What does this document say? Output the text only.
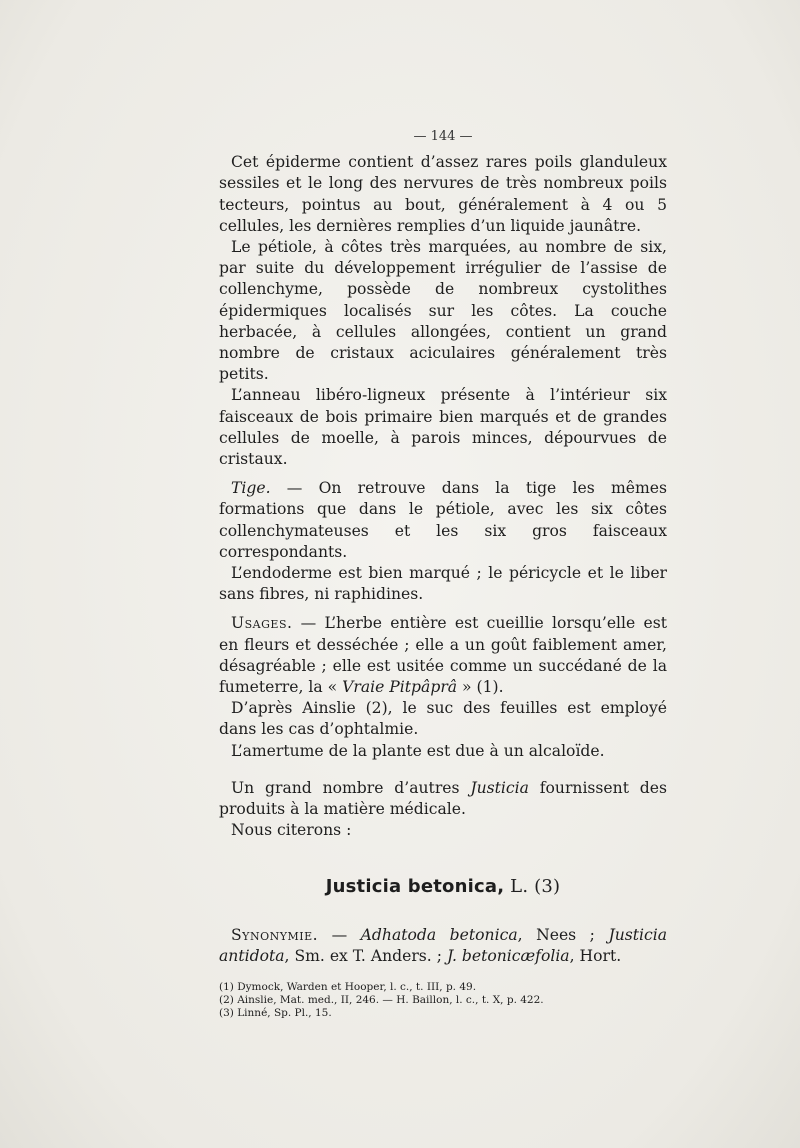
— 144 —

Cet épiderme contient d’assez rares poils glanduleux sessiles et le long des nervures de très nombreux poils tecteurs, pointus au bout, généralement à 4 ou 5 cellules, les dernières remplies d’un liquide jaunâtre.

Le pétiole, à côtes très marquées, au nombre de six, par suite du développement irrégulier de l’assise de collenchyme, possède de nombreux cystolithes épidermiques localisés sur les côtes. La couche herbacée, à cellules allongées, contient un grand nombre de cristaux aciculaires généralement très petits.

L’anneau libéro-ligneux présente à l’intérieur six faisceaux de bois primaire bien marqués et de grandes cellules de moelle, à parois minces, dépourvues de cristaux.

Tige. — On retrouve dans la tige les mêmes formations que dans le pétiole, avec les six côtes collenchymateuses et les six gros faisceaux correspondants.

L’endoderme est bien marqué ; le péricycle et le liber sans fibres, ni raphidines.

Usages. — L’herbe entière est cueillie lorsqu’elle est en fleurs et desséchée ; elle a un goût faiblement amer, désagréable ; elle est usitée comme un succédané de la fumeterre, la « Vraie Pitpâprâ » (1).

D’après Ainslie (2), le suc des feuilles est employé dans les cas d’ophtalmie.

L’amertume de la plante est due à un alcaloïde.

Un grand nombre d’autres Justicia fournissent des produits à la matière médicale.

Nous citerons :

Justicia betonica, L. (3)

Synonymie. — Adhatoda betonica, Nees ; Justicia antidota, Sm. ex T. Anders. ; J. betonicæfolia, Hort.

(1) Dymock, Warden et Hooper, l. c., t. III, p. 49.

(2) Ainslie, Mat. med., II, 246. — H. Baillon, l. c., t. X, p. 422.

(3) Linné, Sp. Pl., 15.
